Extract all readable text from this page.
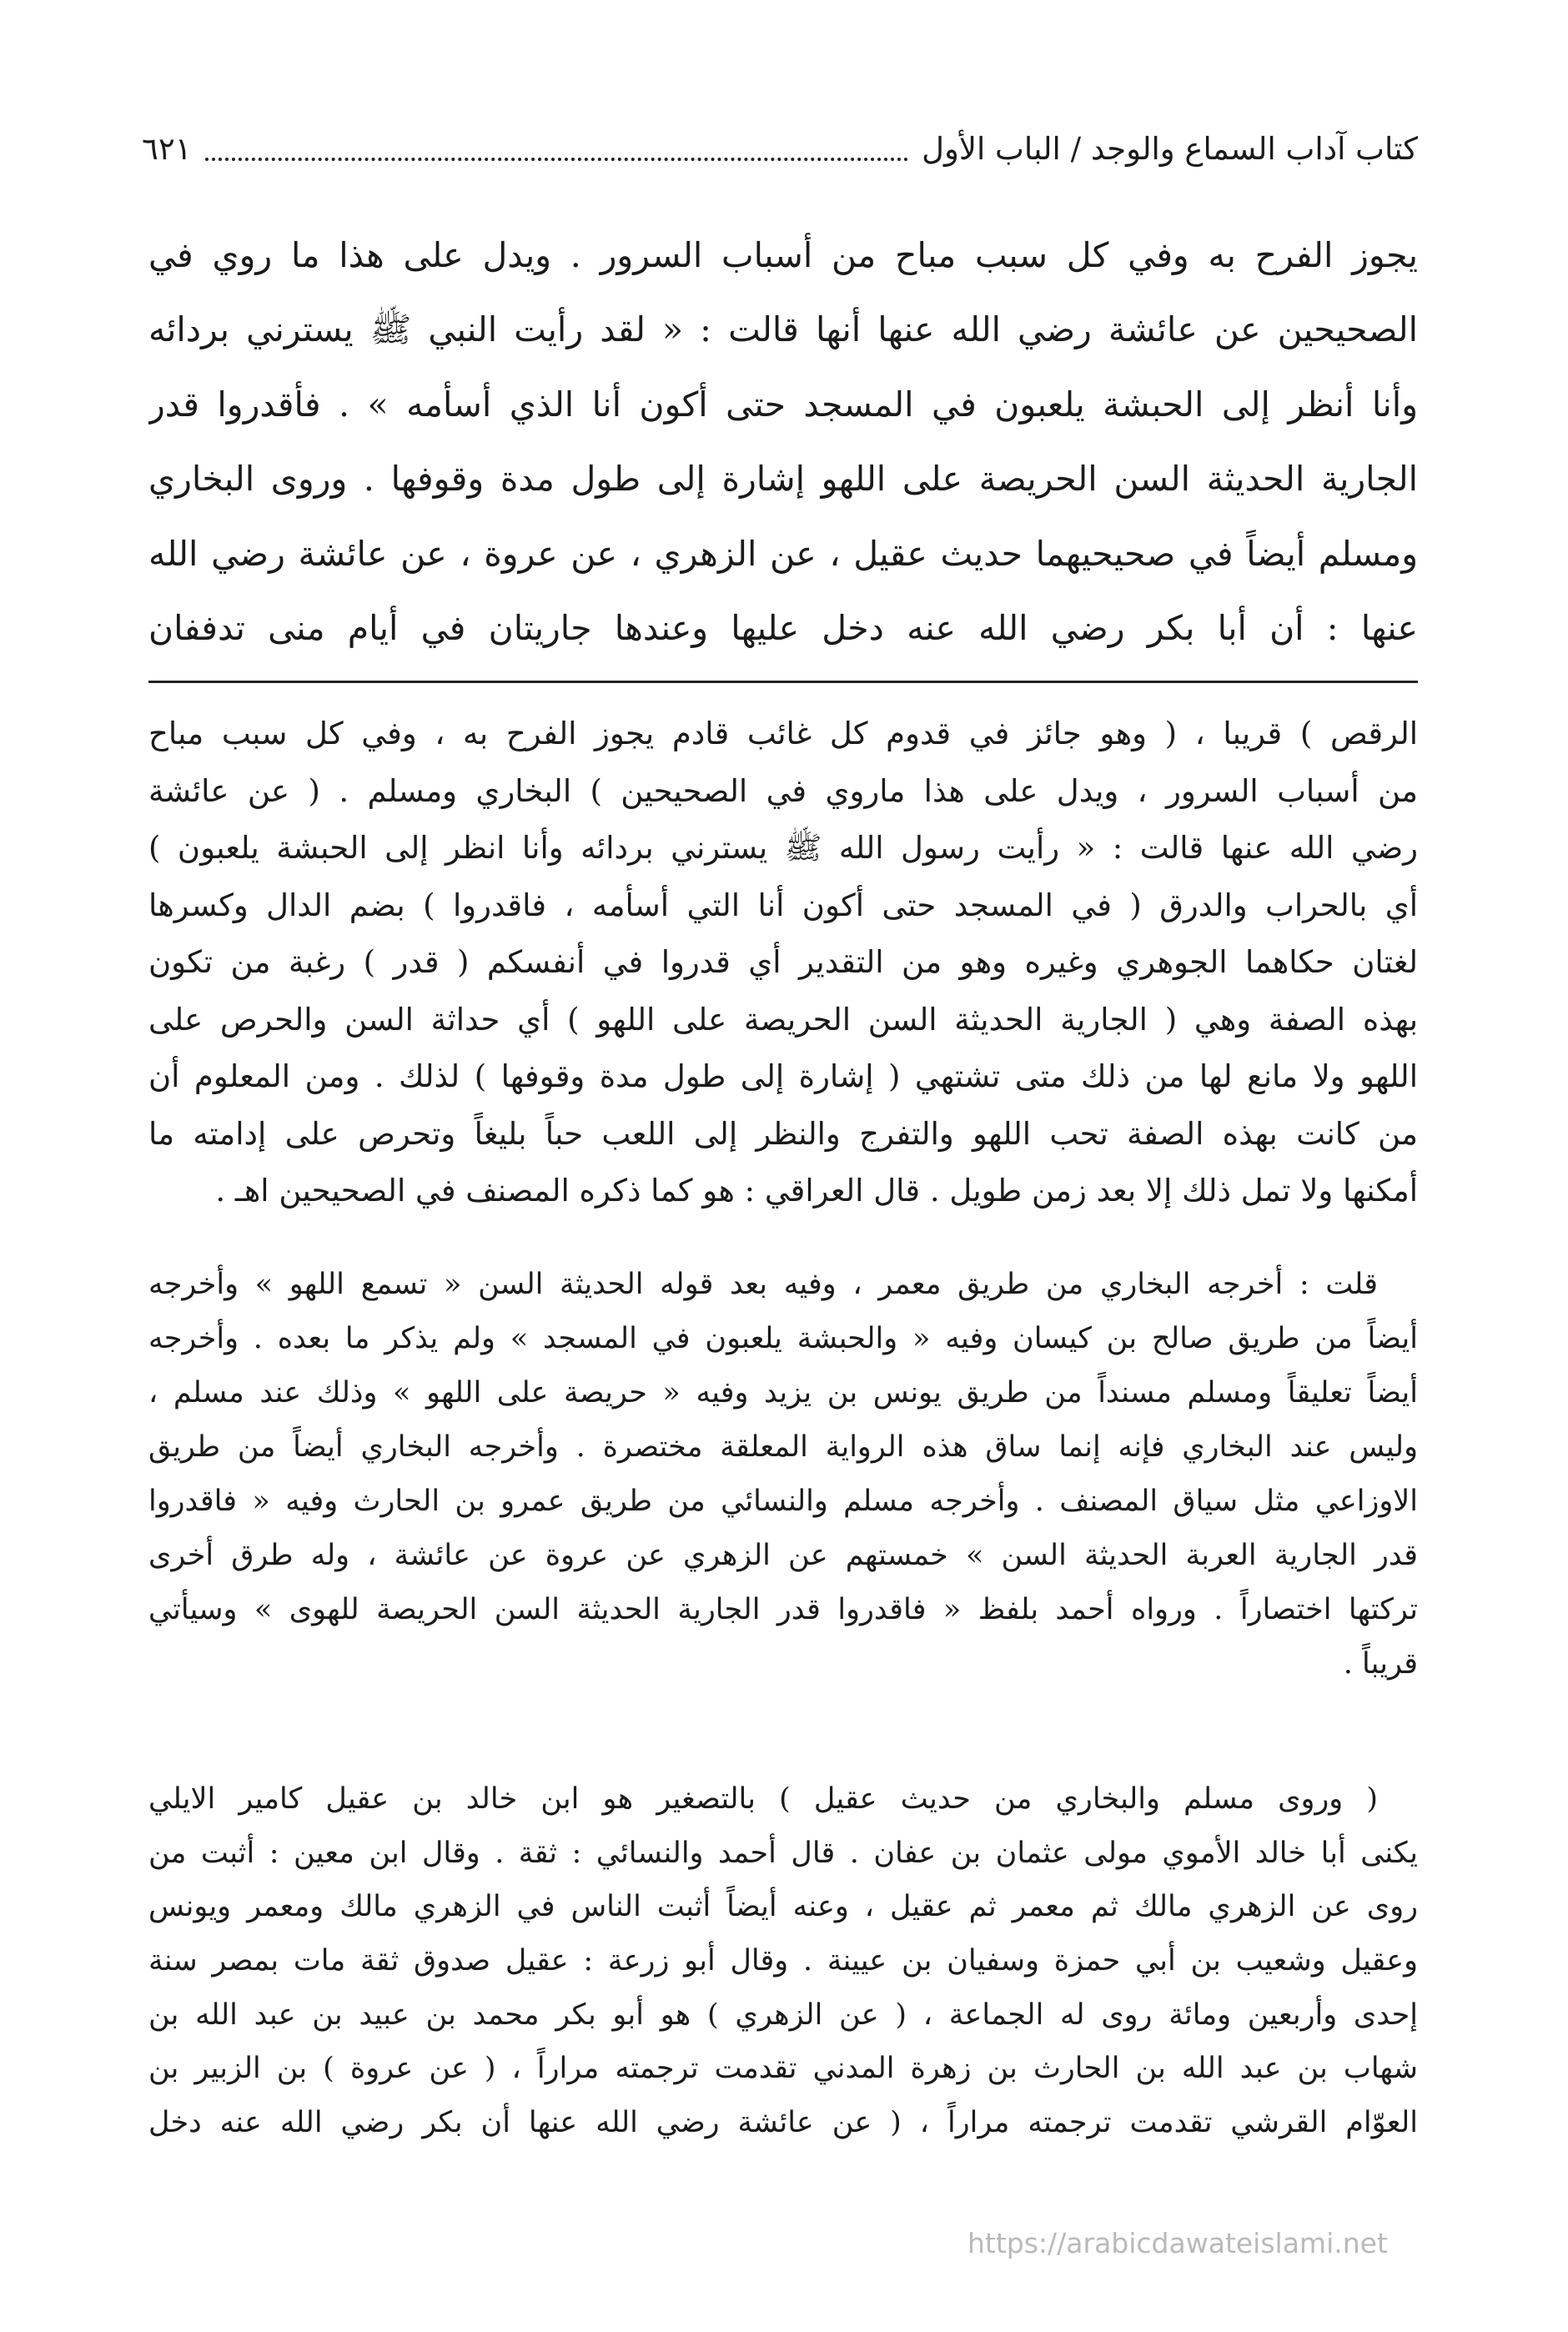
كتاب آداب السماع والوجد / الباب الأول
٦٢١
يجوز الفرح به وفي كل سبب مباح من أسباب السرور . ويدل على هذا ما روي في
الصحيحين عن عائشة رضي الله عنها أنها قالت : « لقد رأيت النبي ﷺ يسترني بردائه
وأنا أنظر إلى الحبشة يلعبون في المسجد حتى أكون أنا الذي أسأمه » . فأقدروا قدر
الجارية الحديثة السن الحريصة على اللهو إشارة إلى طول مدة وقوفها . وروى البخاري
ومسلم أيضاً في صحيحيهما حديث عقيل ، عن الزهري ، عن عروة ، عن عائشة رضي الله
عنها : أن أبا بكر رضي الله عنه دخل عليها وعندها جاريتان في أيام منى تدففان
الرقص ) قريبا ، ( وهو جائز في قدوم كل غائب قادم يجوز الفرح به ، وفي كل سبب مباح
من أسباب السرور ، ويدل على هذا ماروي في الصحيحين ) البخاري ومسلم . ( عن عائشة
رضي الله عنها قالت : « رأيت رسول الله ﷺ يسترني بردائه وأنا انظر إلى الحبشة يلعبون )
أي بالحراب والدرق ( في المسجد حتى أكون أنا التي أسأمه ، فاقدروا ) بضم الدال وكسرها
لغتان حكاهما الجوهري وغيره وهو من التقدير أي قدروا في أنفسكم ( قدر ) رغبة من تكون
بهذه الصفة وهي ( الجارية الحديثة السن الحريصة على اللهو ) أي حداثة السن والحرص على
اللهو ولا مانع لها من ذلك متى تشتهي ( إشارة إلى طول مدة وقوفها ) لذلك . ومن المعلوم أن
من كانت بهذه الصفة تحب اللهو والتفرج والنظر إلى اللعب حباً بليغاً وتحرص على إدامته ما
أمكنها ولا تمل ذلك إلا بعد زمن طويل . قال العراقي : هو كما ذكره المصنف في الصحيحين اهـ .
قلت : أخرجه البخاري من طريق معمر ، وفيه بعد قوله الحديثة السن « تسمع اللهو » وأخرجه
أيضاً من طريق صالح بن كيسان وفيه « والحبشة يلعبون في المسجد » ولم يذكر ما بعده . وأخرجه
أيضاً تعليقاً ومسلم مسنداً من طريق يونس بن يزيد وفيه « حريصة على اللهو » وذلك عند مسلم ،
وليس عند البخاري فإنه إنما ساق هذه الرواية المعلقة مختصرة . وأخرجه البخاري أيضاً من طريق
الاوزاعي مثل سياق المصنف . وأخرجه مسلم والنسائي من طريق عمرو بن الحارث وفيه « فاقدروا
قدر الجارية العربة الحديثة السن » خمستهم عن الزهري عن عروة عن عائشة ، وله طرق أخرى
تركتها اختصاراً . ورواه أحمد بلفظ « فاقدروا قدر الجارية الحديثة السن الحريصة للهوى » وسيأتي
قريباً .
( وروى مسلم والبخاري من حديث عقيل ) بالتصغير هو ابن خالد بن عقيل كامير الايلي
يكنى أبا خالد الأموي مولى عثمان بن عفان . قال أحمد والنسائي : ثقة . وقال ابن معين : أثبت من
روى عن الزهري مالك ثم معمر ثم عقيل ، وعنه أيضاً أثبت الناس في الزهري مالك ومعمر ويونس
وعقيل وشعيب بن أبي حمزة وسفيان بن عيينة . وقال أبو زرعة : عقيل صدوق ثقة مات بمصر سنة
إحدى وأربعين ومائة روى له الجماعة ، ( عن الزهري ) هو أبو بكر محمد بن عبيد بن عبد الله بن
شهاب بن عبد الله بن الحارث بن زهرة المدني تقدمت ترجمته مراراً ، ( عن عروة ) بن الزبير بن
العوّام القرشي تقدمت ترجمته مراراً ، ( عن عائشة رضي الله عنها أن بكر رضي الله عنه دخل
https://arabicdawateislami.net
